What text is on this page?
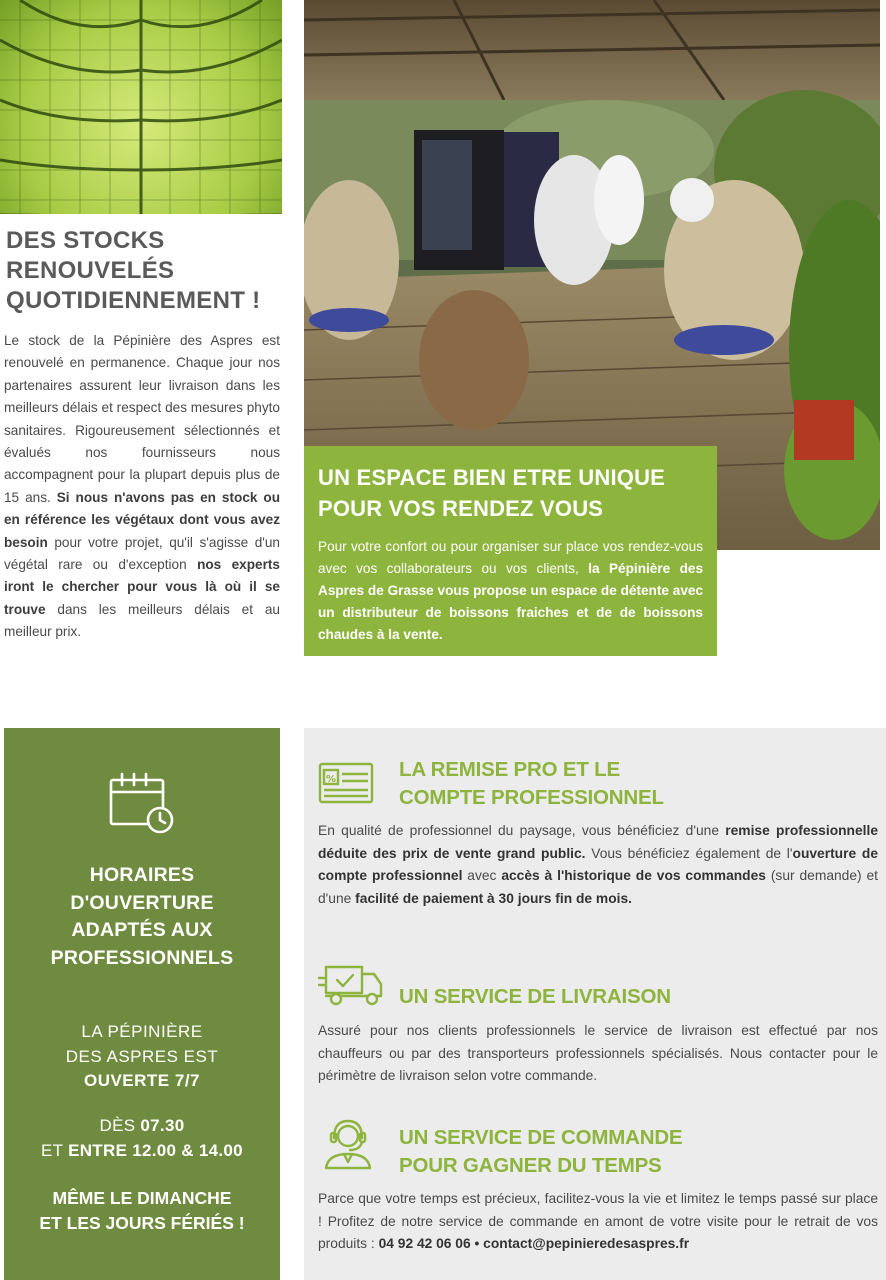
DES STOCKS
RENOUVELÉS
QUOTIDIENNEMENT !

Le stock de la Pépinière des Aspres est renouvelé en permanence. Chaque jour nos partenaires assurent leur livraison dans les meilleurs délais et respect des mesures phyto sanitaires. Rigoureusement sélectionnés et évalués nos fournisseurs nous accompagnent pour la plupart depuis plus de 15 ans. Si nous n'avons pas en stock ou en référence les végétaux dont vous avez besoin pour votre projet, qu'il s'agisse d'un végétal rare ou d'exception nos experts iront le chercher pour vous là où il se trouve dans les meilleurs délais et au meilleur prix.

UN ESPACE BIEN ETRE UNIQUE
POUR VOS RENDEZ VOUS

Pour votre confort ou pour organiser sur place vos rendez-vous avec vos collaborateurs ou vos clients, la Pépinière des Aspres de Grasse vous propose un espace de détente avec un distributeur de boissons fraiches et de de boissons chaudes à la vente.

HORAIRES
D'OUVERTURE
ADAPTÉS AUX
PROFESSIONNELS
LA PÉPINIÈRE
DES ASPRES EST
OUVERTE 7/7
DÈS 07.30
ET ENTRE 12.00 & 14.00
MÊME LE DIMANCHE
ET LES JOURS FÉRIÉS !
%	LA REMISE PRO ET LE
COMPTE PROFESSIONNEL

En qualité de professionnel du paysage, vous bénéficiez d'une remise professionnelle déduite des prix de vente grand public. Vous bénéficiez également de l'ouverture de compte professionnel avec accès à l'historique de vos commandes (sur demande) et d'une facilité de paiement à 30 jours fin de mois.

UN SERVICE DE LIVRAISON

Assuré pour nos clients professionnels le service de livraison est effectué par nos chauffeurs ou par des transporteurs professionnels spécialisés. Nous contacter pour le périmètre de livraison selon votre commande.

UN SERVICE DE COMMANDE
POUR GAGNER DU TEMPS

Parce que votre temps est précieux, facilitez-vous la vie et limitez le temps passé sur place ! Profitez de notre service de commande en amont de votre visite pour le retrait de vos produits : 04 92 42 06 06 • contact@pepinieredesaspres.fr
